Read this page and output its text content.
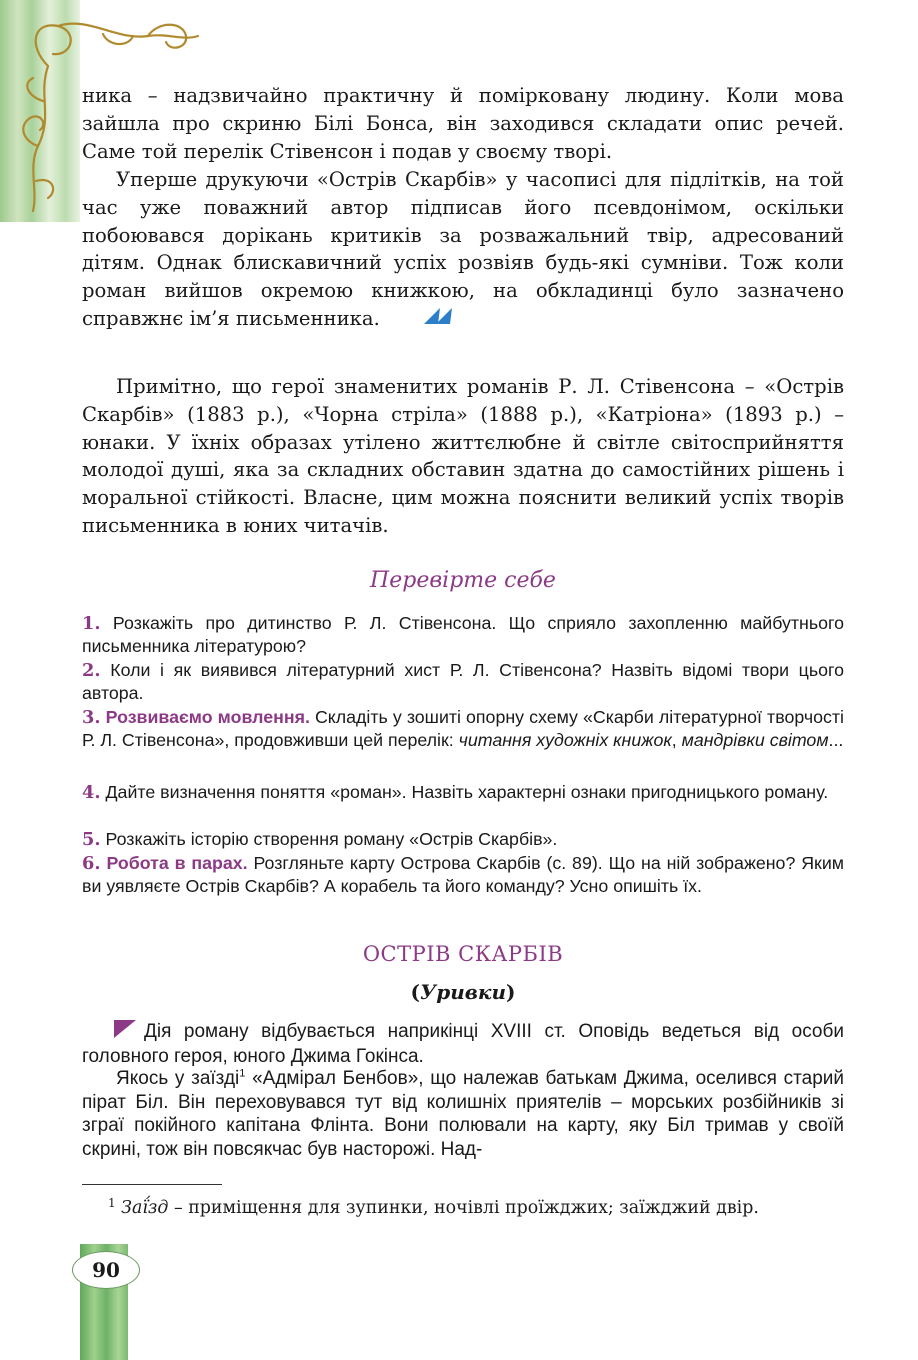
ника – надзвичайно практичну й помірковану людину. Коли мова зайшла про скриню Білі Бонса, він заходився складати опис речей. Саме той перелік Стівенсон і подав у своєму творі.

Уперше друкуючи «Острів Скарбів» у часописі для підлітків, на той час уже поважний автор підписав його псевдонімом, оскільки побоювався дорікань критиків за розважальний твір, адресований дітям. Однак блискавичний успіх розвіяв будь-які сумніви. Тож коли роман вийшов окремою книжкою, на обкладинці було зазначено справжнє ім’я письменника.

Примітно, що герої знаменитих романів Р. Л. Стівенсона – «Острів Скарбів» (1883 р.), «Чорна стріла» (1888 р.), «Катріона» (1893 р.) – юнаки. У їхніх образах утілено життєлюбне й світле світосприйняття молодої душі, яка за складних обставин здатна до самостійних рішень і моральної стійкості. Власне, цим можна пояснити великий успіх творів письменника в юних читачів.

Перевірте себе

1. Розкажіть про дитинство Р. Л. Стівенсона. Що сприяло захопленню майбутнього письменника літературою?

2. Коли і як виявився літературний хист Р. Л. Стівенсона? Назвіть відомі твори цього автора.

3. Розвиваємо мовлення. Складіть у зошиті опорну схему «Скарби літературної творчості Р. Л. Стівенсона», продовживши цей перелік: читання художніх книжок, мандрівки світом...

4. Дайте визначення поняття «роман». Назвіть характерні ознаки пригодницького роману.

5. Розкажіть історію створення роману «Острів Скарбів».

6. Робота в парах. Розгляньте карту Острова Скарбів (с. 89). Що на ній зображено? Яким ви уявляєте Острів Скарбів? А корабель та його команду? Усно опишіть їх.

ОСТРІВ СКАРБІВ
(Уривки)

Дія роману відбувається наприкінці XVIII ст. Оповідь ведеться від особи головного героя, юного Джима Гокінса.

Якось у заїзді$^1$ «Адмірал Бенбов», що належав батькам Джима, оселився старий пірат Біл. Він переховувався тут від колишніх приятелів – морських розбійників зі зграї покійного капітана Флінта. Вони полювали на карту, яку Біл тримав у своїй скрині, тож він повсякчас був насторожі. Над-

$^1$ Заї́зд – приміщення для зупинки, ночівлі проїжджих; заїжджий двір.

90
